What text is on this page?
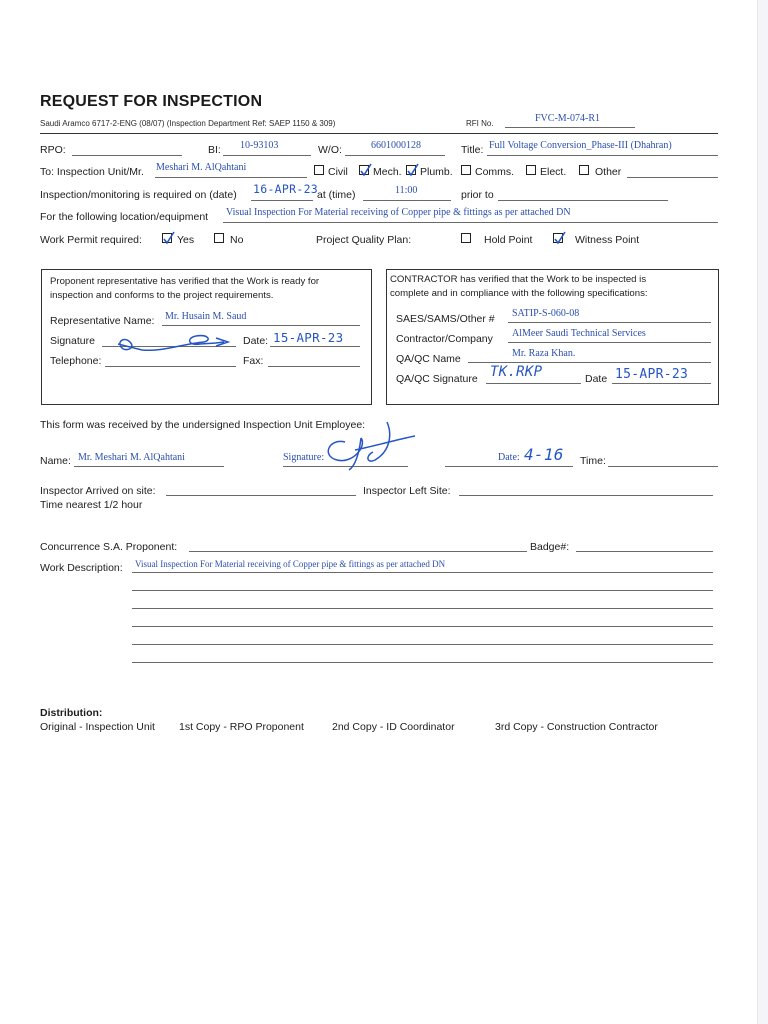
REQUEST FOR INSPECTION
Saudi Aramco 6717-2-ENG (08/07) (Inspection Department Ref: SAEP 1150 & 309)	RFI No.	FVC-M-074-R1
RPO:	BI: 10-93103	W/O:	6601000128	Title: Full Voltage Conversion_Phase-III (Dhahran)
To: Inspection Unit/Mr. Meshari M. AlQahtani	Civil Mech. Plumb. Comms. Elect.	Other
Inspection/monitoring is required on (date) 16-APR-23
at (time)	11:00	prior to
For the following location/equipment Visual Inspection For Material receiving of Copper pipe & fittings as per attached DN
Work Permit required:	Yes	No	Project Quality Plan:	Hold Point	Witness Point
Proponent representative has verified that the Work is ready for
inspection and conforms to the project requirements.
Representative Name: Mr. Husain M. Saud
Signature	Date: 15-APR-23
Telephone:	Fax:
CONTRACTOR has verified that the Work to be inspected is
complete and in compliance with the following specifications:
SAES/SAMS/Other # SATIP-S-060-08
Contractor/Company AlMeer Saudi Technical Services
QA/QC Name	Mr. Raza Khan.
QA/QC Signature TK.RKP	Date 15-APR-23
This form was received by the undersigned Inspection Unit Employee:
Name: Mr. Meshari M. AlQahtani	Signature:	Date: 4-16 Time:
Inspector Arrived on site:
Time nearest 1/2 hour
Inspector Left Site:
Concurrence S.A. Proponent:	Badge#:
Work Description: Visual Inspection For Material receiving of Copper pipe & fittings as per attached DN
Distribution:
Original - Inspection Unit 1st Copy - RPO Proponent	2nd Copy - ID Coordinator	3rd Copy - Construction Contractor
